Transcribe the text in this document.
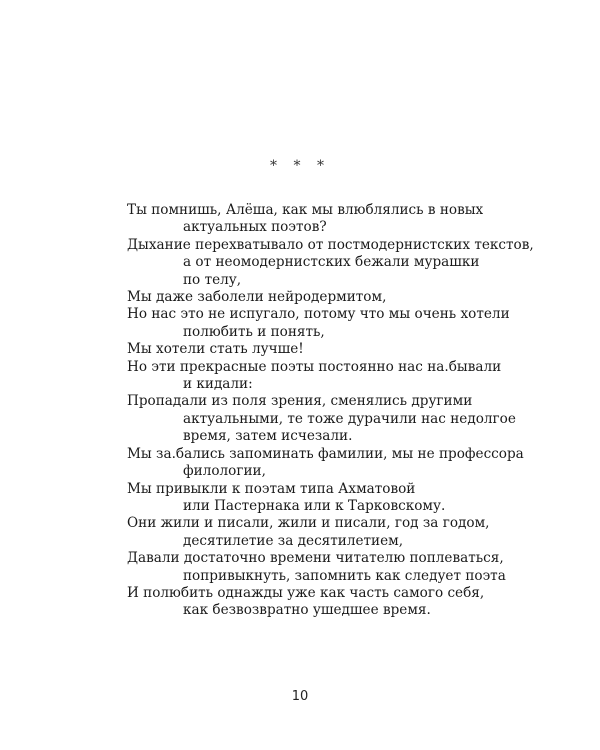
* * *
Ты помнишь, Алёша, как мы влюблялись в новых
актуальных поэтов?
Дыхание перехватывало от постмодернистских текстов,
а от неомодернистских бежали мурашки
по телу,
Мы даже заболели нейродермитом,
Но нас это не испугало, потому что мы очень хотели
полюбить и понять,
Мы хотели стать лучше!
Но эти прекрасные поэты постоянно нас на.бывали
и кидали:
Пропадали из поля зрения, сменялись другими
актуальными, те тоже дурачили нас недолгое
время, затем исчезали.
Мы за.бались запоминать фамилии, мы не профессора
филологии,
Мы привыкли к поэтам типа Ахматовой
или Пастернака или к Тарковскому.
Они жили и писали, жили и писали, год за годом,
десятилетие за десятилетием,
Давали достаточно времени читателю поплеваться,
попривыкнуть, запомнить как следует поэта
И полюбить однажды уже как часть самого себя,
как безвозвратно ушедшее время.
10
